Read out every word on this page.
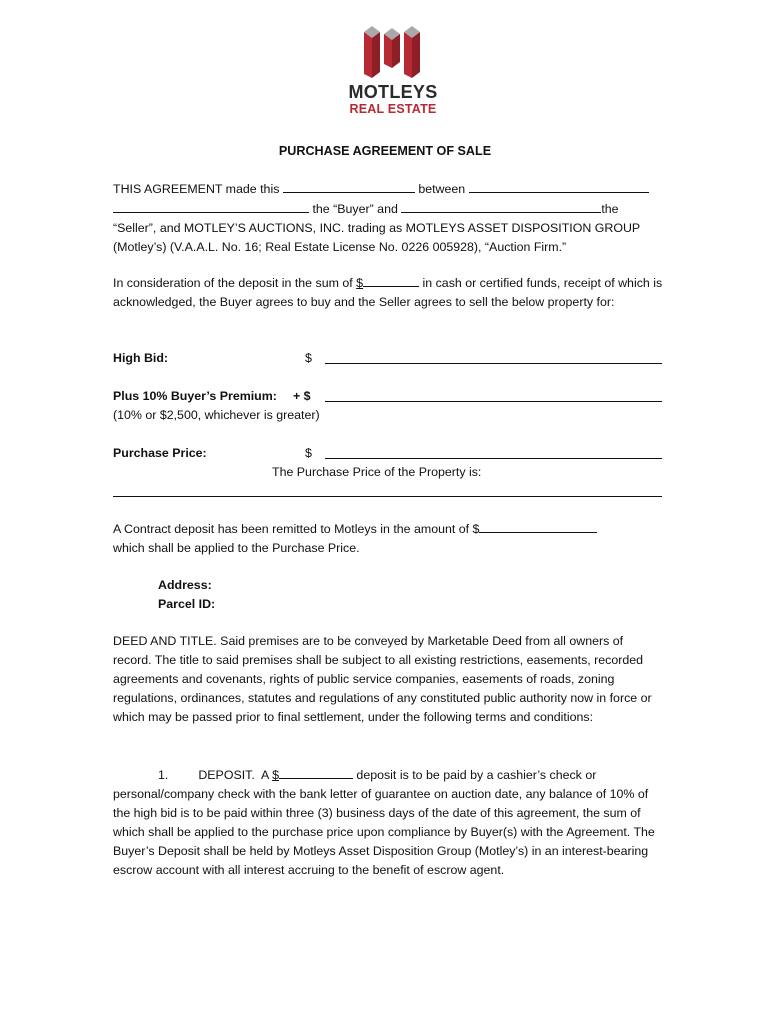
MOTLEYS
REAL ESTATE
PURCHASE AGREEMENT OF SALE

THIS AGREEMENT made this	between
the “Buyer” and	the “Seller”, and MOTLEY’S AUCTIONS, INC. trading as MOTLEYS ASSET DISPOSITION GROUP (Motley’s) (V.A.A.L. No. 16; Real Estate License No. 0226 005928), “Auction Firm.”

In consideration of the deposit in the sum of $	in cash or certified funds, receipt of which is acknowledged, the Buyer agrees to buy and the Seller agrees to sell the below property for:

High Bid:	$
Plus 10% Buyer’s Premium: + $
(10% or $2,500, whichever is greater)
Purchase Price:	$
The Purchase Price of the Property is:

A Contract deposit has been remitted to Motleys in the amount of $
which shall be applied to the Purchase Price.

Address:
Parcel ID:

DEED AND TITLE. Said premises are to be conveyed by Marketable Deed from all owners of record. The title to said premises shall be subject to all existing restrictions, easements, recorded agreements and covenants, rights of public service companies, easements of roads, zoning regulations, ordinances, statutes and regulations of any constituted public authority now in force or which may be passed prior to final settlement, under the following terms and conditions:

1. DEPOSIT. A $	deposit is to be paid by a cashier’s check or personal/company check with the bank letter of guarantee on auction date, any balance of 10% of the high bid is to be paid within three (3) business days of the date of this agreement, the sum of which shall be applied to the purchase price upon compliance by Buyer(s) with the Agreement. The Buyer’s Deposit shall be held by Motleys Asset Disposition Group (Motley’s) in an interest-bearing escrow account with all interest accruing to the benefit of escrow agent.
